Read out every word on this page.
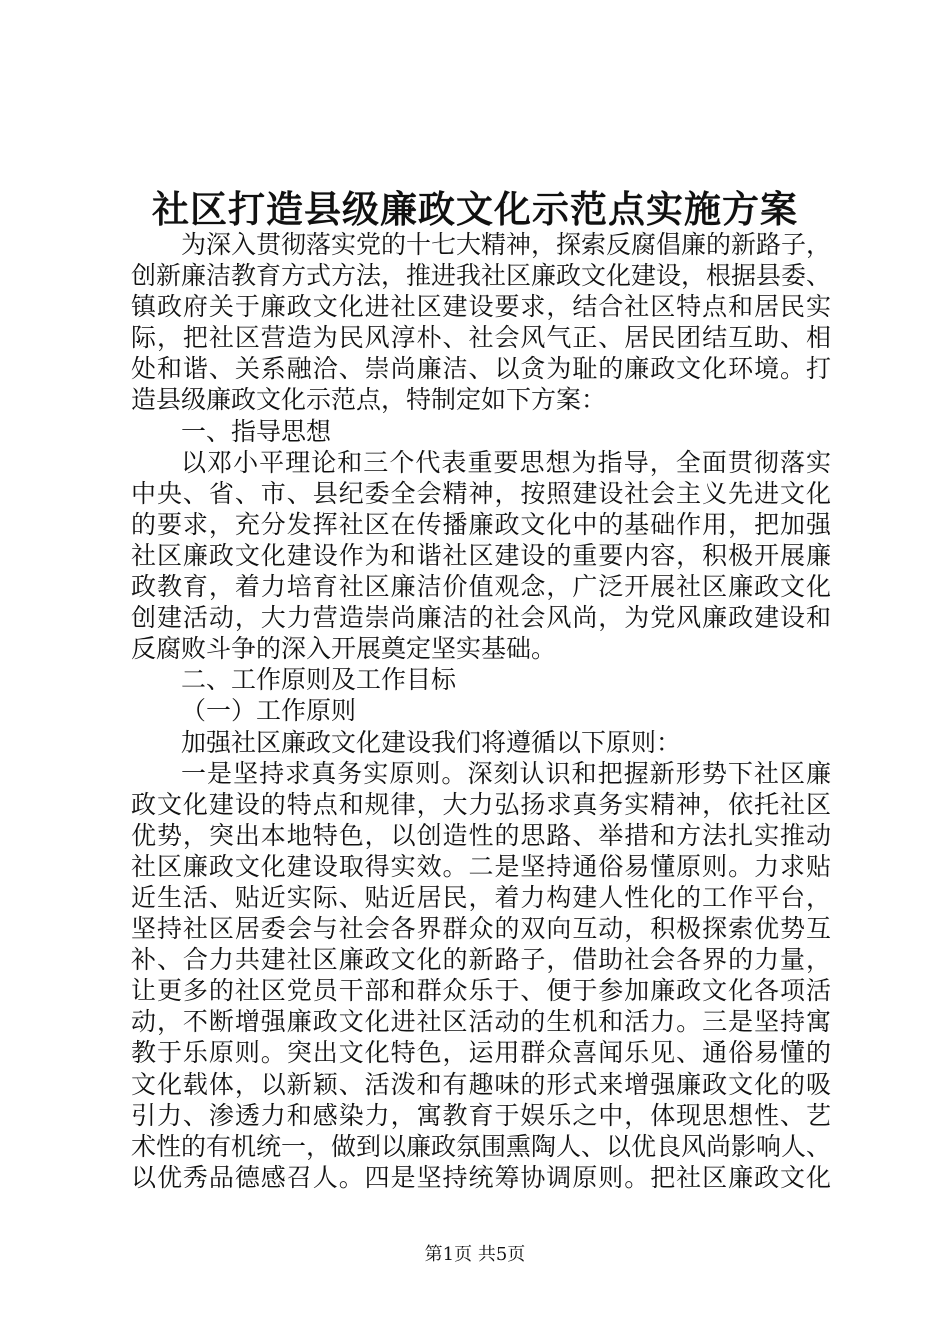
社区打造县级廉政文化示范点实施方案
为深入贯彻落实党的十七大精神，探索反腐倡廉的新路子，
创新廉洁教育方式方法，推进我社区廉政文化建设，根据县委、
镇政府关于廉政文化进社区建设要求，结合社区特点和居民实
际，把社区营造为民风淳朴、社会风气正、居民团结互助、相
处和谐、关系融洽、崇尚廉洁、以贪为耻的廉政文化环境。打
造县级廉政文化示范点，特制定如下方案：
一、指导思想
以邓小平理论和三个代表重要思想为指导，全面贯彻落实
中央、省、市、县纪委全会精神，按照建设社会主义先进文化
的要求，充分发挥社区在传播廉政文化中的基础作用，把加强
社区廉政文化建设作为和谐社区建设的重要内容，积极开展廉
政教育，着力培育社区廉洁价值观念，广泛开展社区廉政文化
创建活动，大力营造崇尚廉洁的社会风尚，为党风廉政建设和
反腐败斗争的深入开展奠定坚实基础。
二、工作原则及工作目标
（一）工作原则
加强社区廉政文化建设我们将遵循以下原则：
一是坚持求真务实原则。深刻认识和把握新形势下社区廉
政文化建设的特点和规律，大力弘扬求真务实精神，依托社区
优势，突出本地特色，以创造性的思路、举措和方法扎实推动
社区廉政文化建设取得实效。二是坚持通俗易懂原则。力求贴
近生活、贴近实际、贴近居民，着力构建人性化的工作平台，
坚持社区居委会与社会各界群众的双向互动，积极探索优势互
补、合力共建社区廉政文化的新路子，借助社会各界的力量，
让更多的社区党员干部和群众乐于、便于参加廉政文化各项活
动，不断增强廉政文化进社区活动的生机和活力。三是坚持寓
教于乐原则。突出文化特色，运用群众喜闻乐见、通俗易懂的
文化载体，以新颖、活泼和有趣味的形式来增强廉政文化的吸
引力、渗透力和感染力，寓教育于娱乐之中，体现思想性、艺
术性的有机统一，做到以廉政氛围熏陶人、以优良风尚影响人、
以优秀品德感召人。四是坚持统筹协调原则。把社区廉政文化
第1页 共5页
